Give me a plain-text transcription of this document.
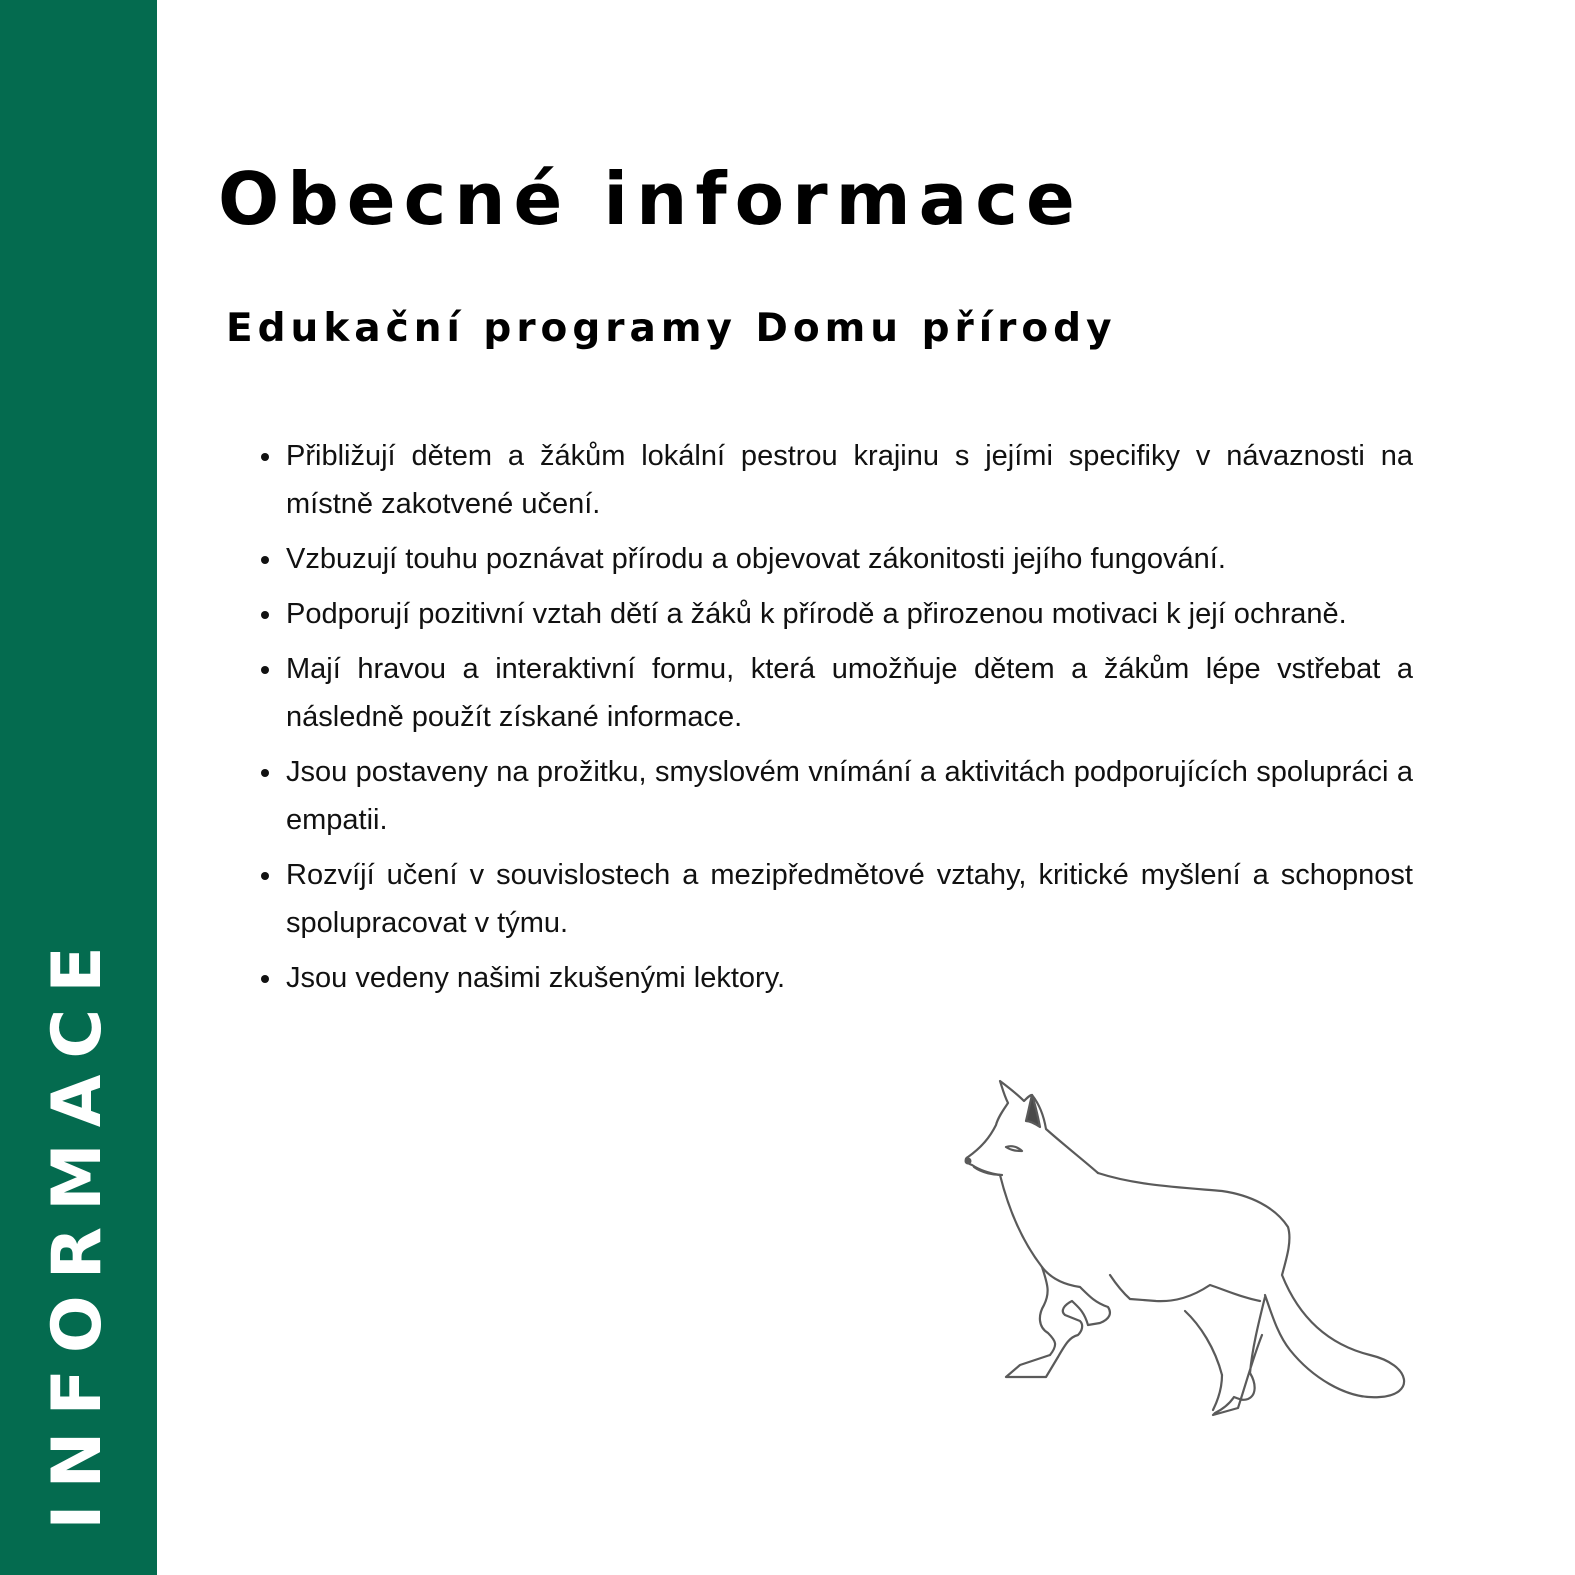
INFORMACE
Obecné informace
Edukační programy Domu přírody
Přibližují dětem a žákům lokální pestrou krajinu s jejími specifiky v návaznosti na místně zakotvené učení.
Vzbuzují touhu poznávat přírodu a objevovat zákonitosti jejího fungování.
Podporují pozitivní vztah dětí a žáků k přírodě a přirozenou motivaci k její ochraně.
Mají hravou a interaktivní formu, která umožňuje dětem a žákům lépe vstřebat a následně použít získané informace.
Jsou postaveny na prožitku, smyslovém vnímání a aktivitách podporujících spolupráci a empatii.
Rozvíjí učení v souvislostech a mezipředmětové vztahy, kritické myšlení a schopnost spolupracovat v týmu.
Jsou vedeny našimi zkušenými lektory.
